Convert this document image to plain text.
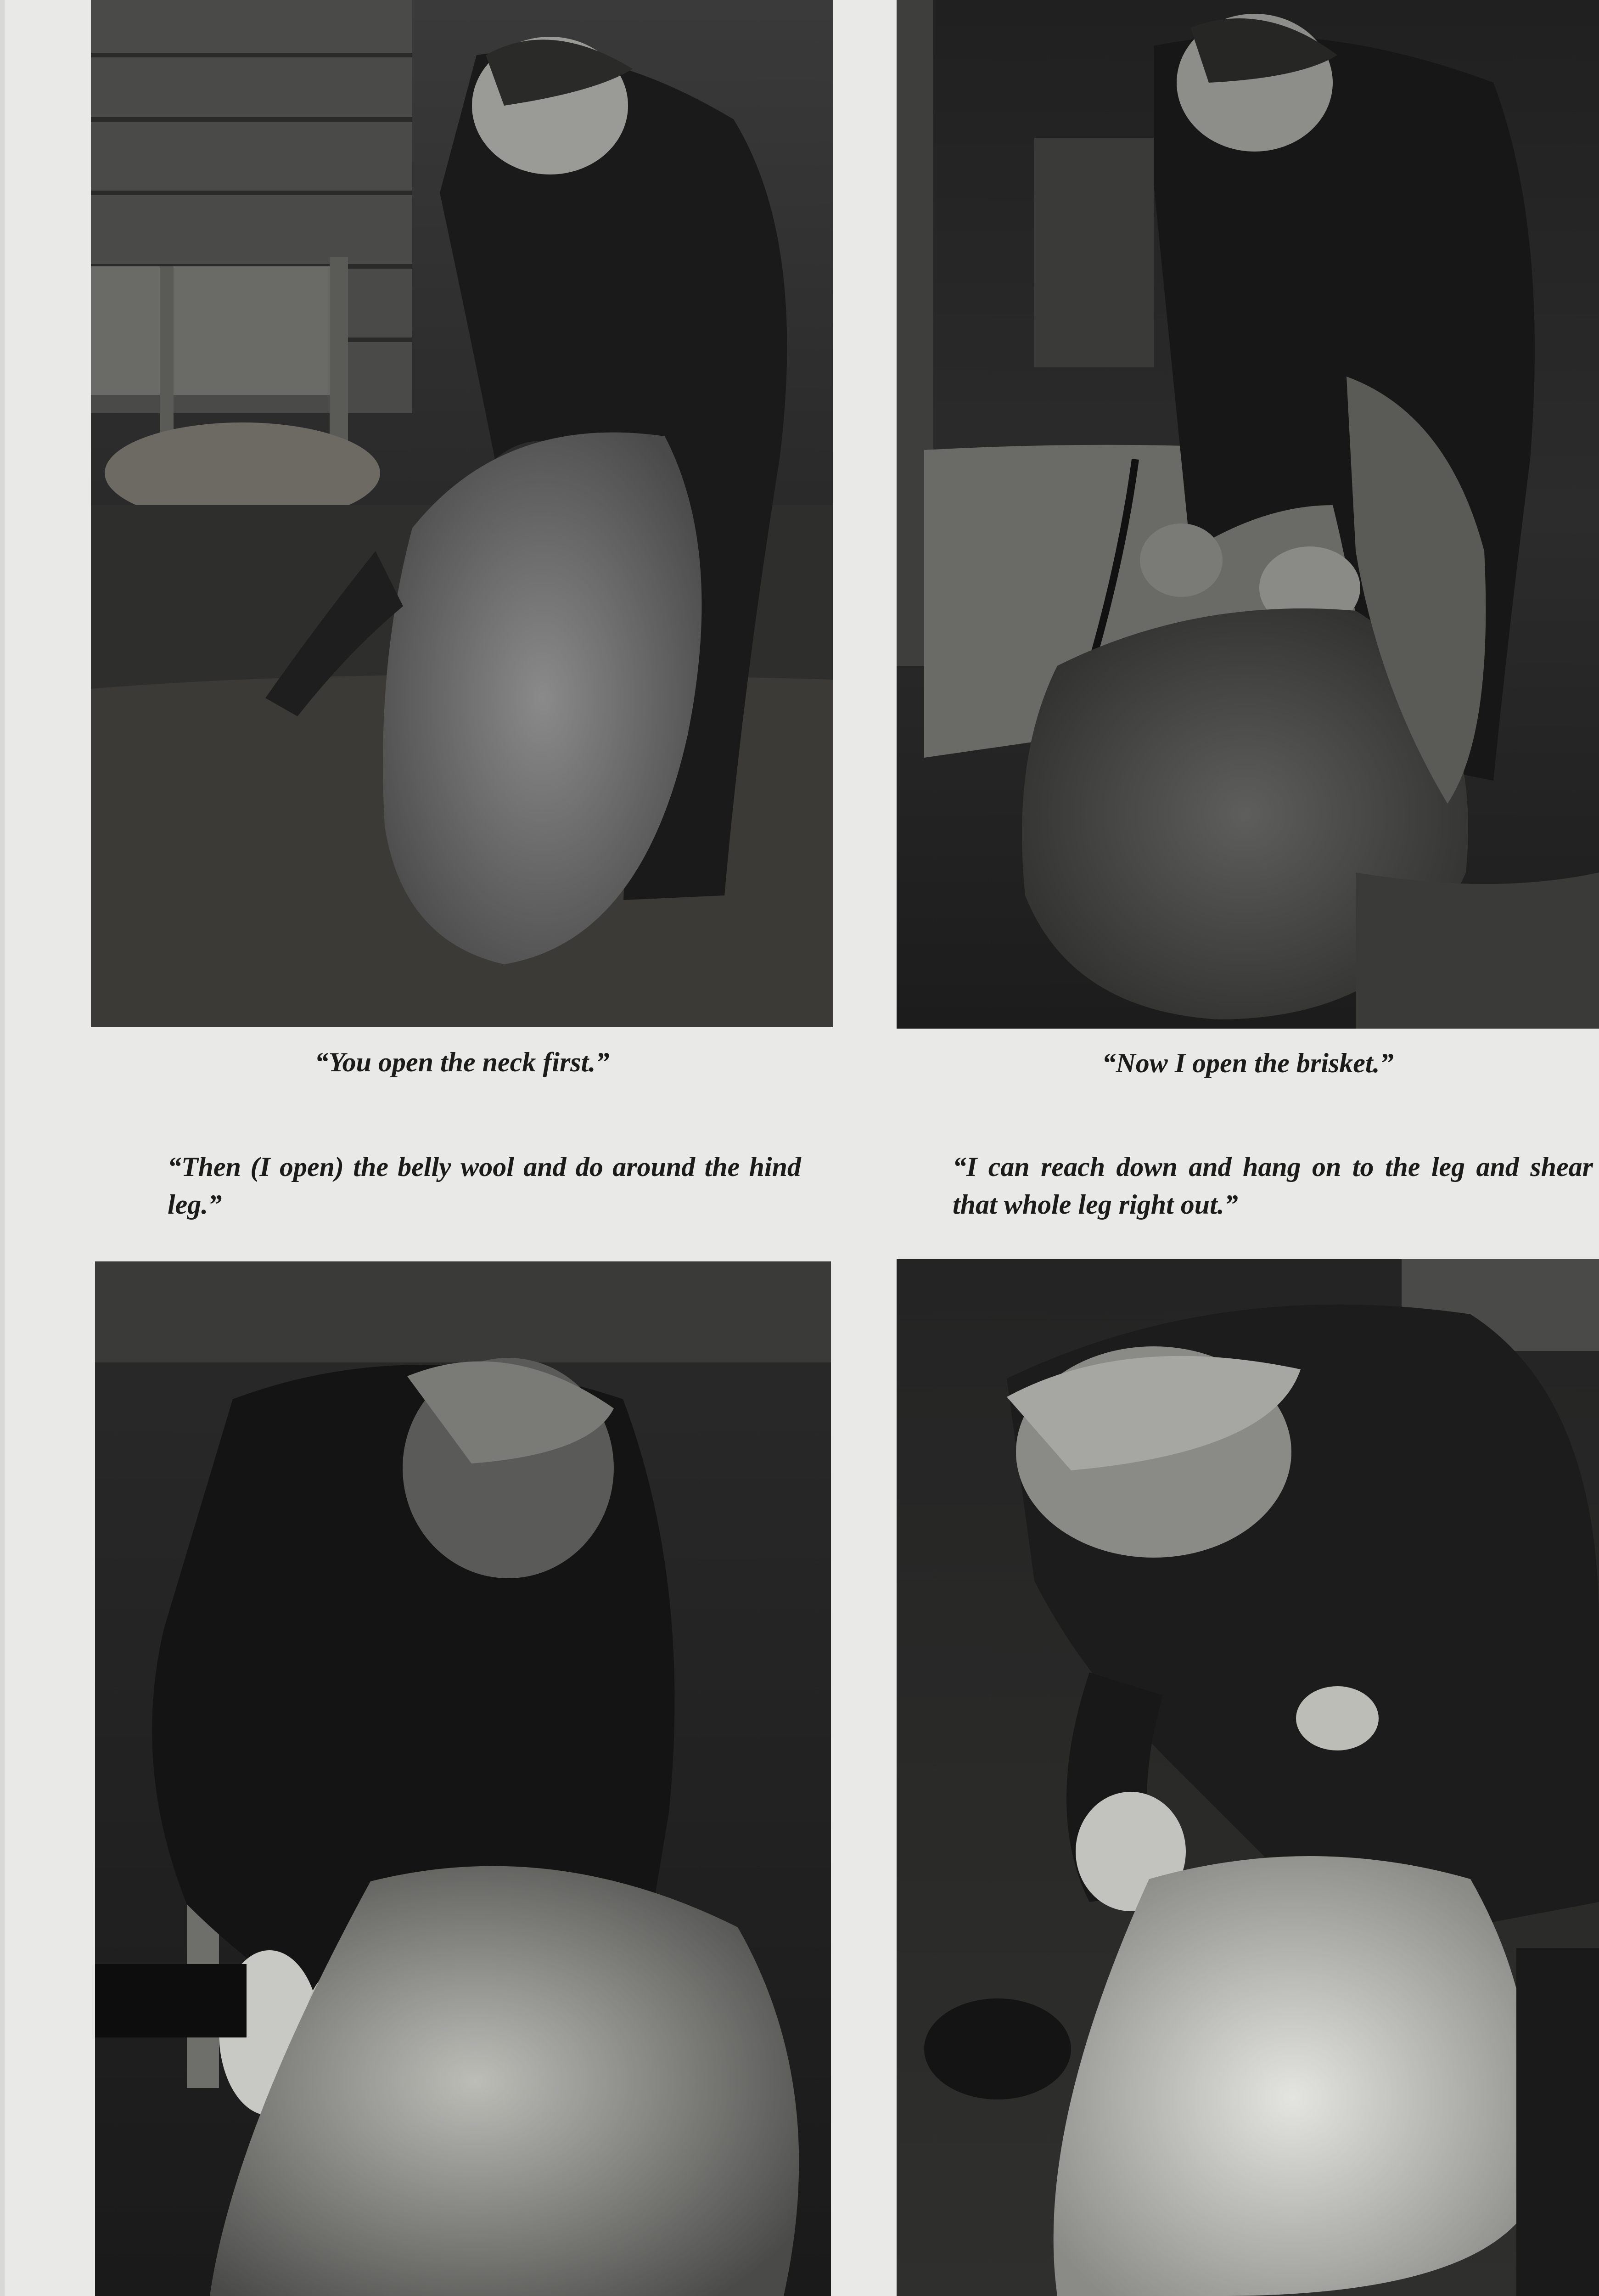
“You open the neck first.”	“Now I open the brisket.”
“Then (I open) the belly wool and do around the hind leg.”
“I can reach down and hang on to the leg and shear that whole leg right out.”
